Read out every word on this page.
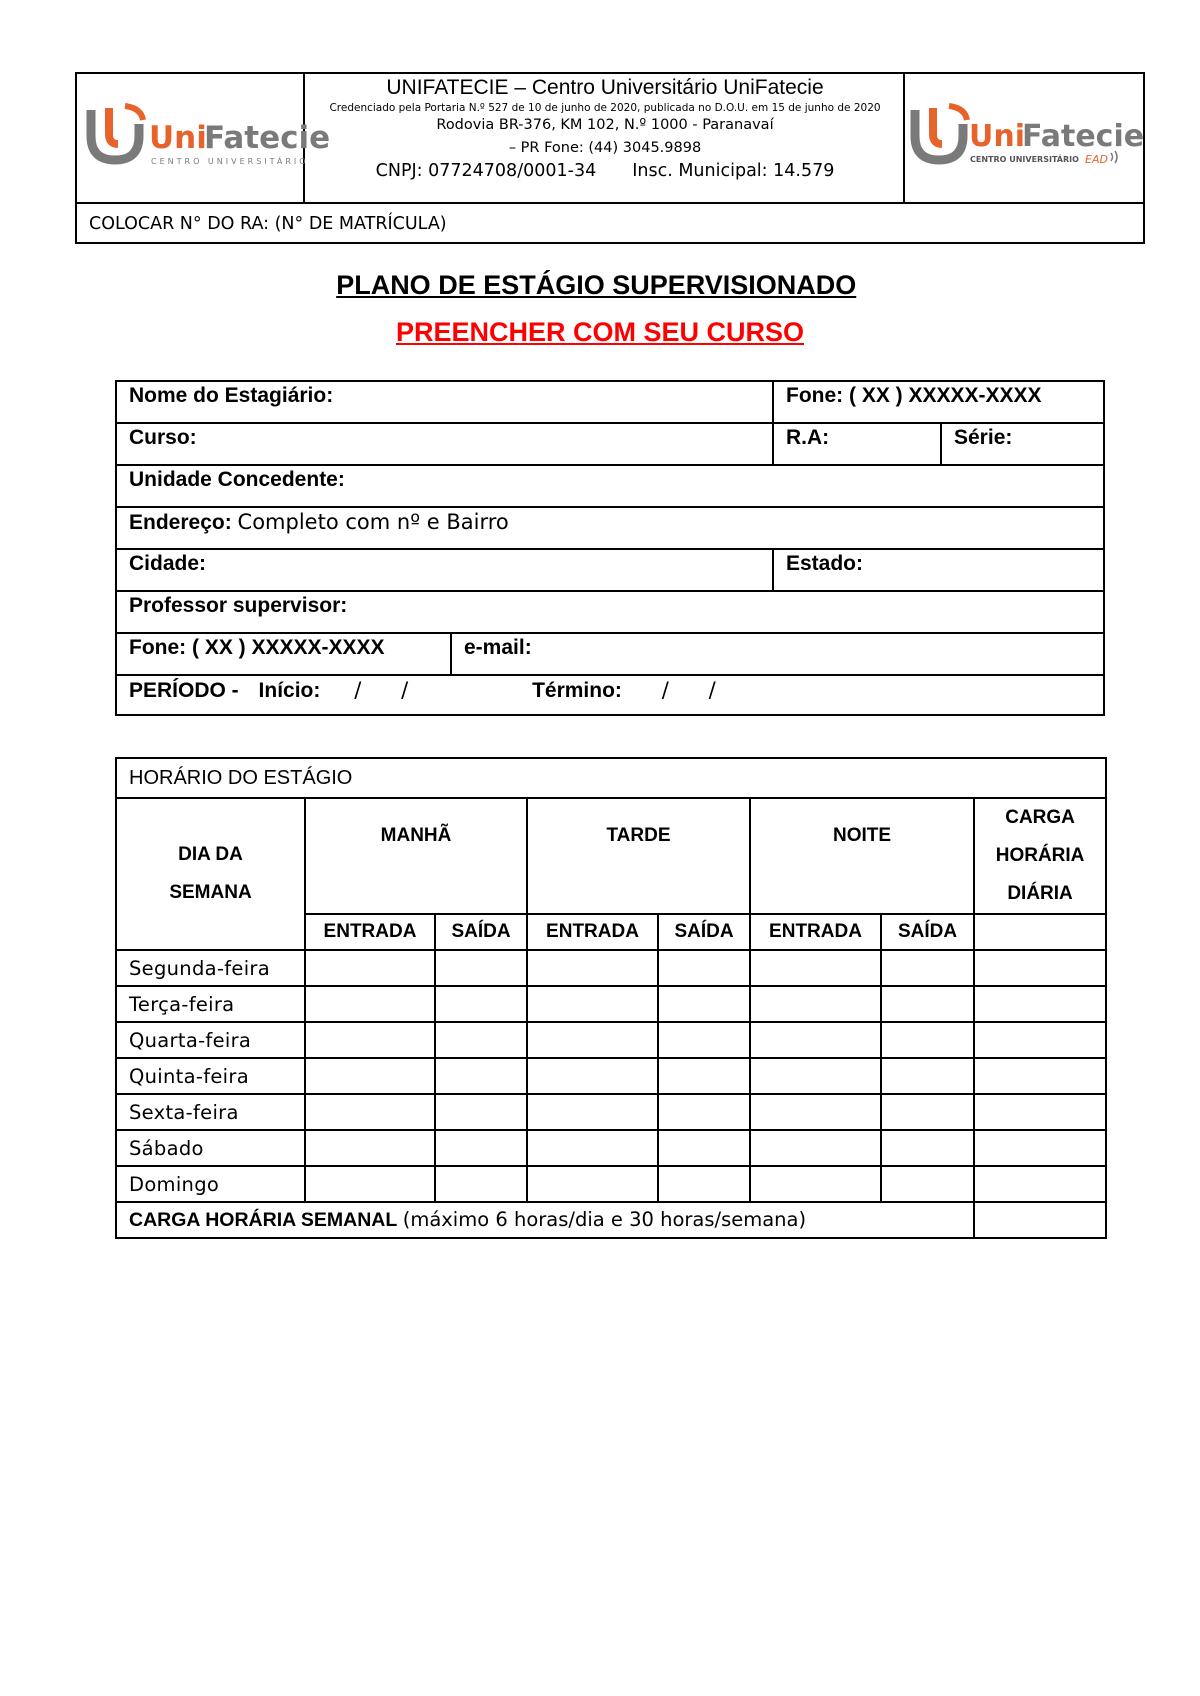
Uni
Fatecie
CENTRO UNIVERSITÁRIO
UNIFATECIE – Centro Universitário UniFatecie
Credenciado pela Portaria N.º 527 de 10 de junho de 2020, publicada no D.O.U. em 15 de junho de 2020
Rodovia BR-376, KM 102, N.º 1000 - Paranavaí
– PR Fone: (44) 3045.9898
CNPJ: 07724708/0001-34 Insc. Municipal: 14.579
Uni
Fatecie
CENTRO UNIVERSITÁRIO EAD
COLOCAR N° DO RA: (N° DE MATRÍCULA)
PLANO DE ESTÁGIO SUPERVISIONADO
PREENCHER COM SEU CURSO
Nome do Estagiário:	Fone: ( XX ) XXXXX-XXXX
Curso:	R.A:	Série:
Unidade Concedente:
Endereço: Completo com nº e Bairro
Cidade:	Estado:
Professor supervisor:
Fone: ( XX ) XXXXX-XXXX	e-mail:
PERÍODO - Início: / /	Término: / /
HORÁRIO DO ESTÁGIO							
DIA DA SEMANA	MANHÃ		TARDE		NOITE		CARGA HORÁRIA DIÁRIA
	ENTRADA	SAÍDA	ENTRADA	SAÍDA	ENTRADA	SAÍDA	
Segunda-feira							
Terça-feira							
Quarta-feira							
Quinta-feira							
Sexta-feira							
Sábado							
Domingo							
CARGA HORÁRIA SEMANAL (máximo 6 horas/dia e 30 horas/semana)							
